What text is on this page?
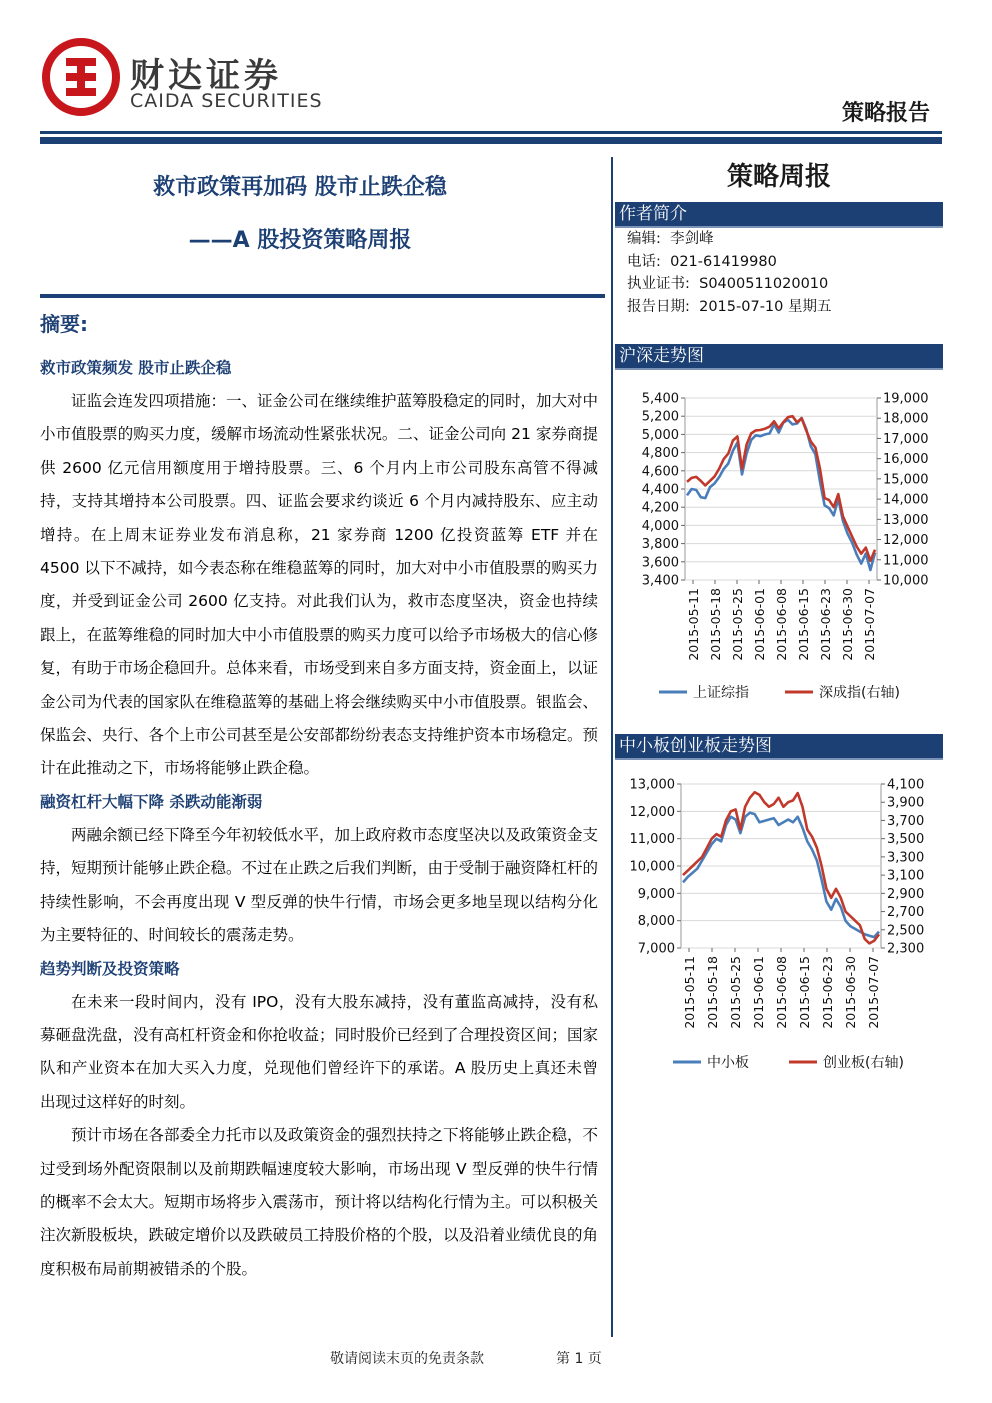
财达证券
CAIDA SECURITIES	策略报告
救市政策再加码 股市止跌企稳
——A 股投资策略周报
摘要:
救市政策频发 股市止跌企稳

证监会连发四项措施：一、证金公司在继续维护蓝筹股稳定的同时，加大对中小市值股票的购买力度，缓解市场流动性紧张状况。二、证金公司向 21 家券商提供 2600 亿元信用额度用于增持股票。三、6 个月内上市公司股东高管不得减持，支持其增持本公司股票。四、证监会要求约谈近 6 个月内减持股东、应主动增持。在上周末证券业发布消息称，21 家券商 1200 亿投资蓝筹 ETF 并在 4500 以下不减持，如今表态称在维稳蓝筹的同时，加大对中小市值股票的购买力度，并受到证金公司 2600 亿支持。对此我们认为，救市态度坚决，资金也持续跟上，在蓝筹维稳的同时加大中小市值股票的购买力度可以给予市场极大的信心修复，有助于市场企稳回升。总体来看，市场受到来自多方面支持，资金面上，以证金公司为代表的国家队在维稳蓝筹的基础上将会继续购买中小市值股票。银监会、保监会、央行、各个上市公司甚至是公安部都纷纷表态支持维护资本市场稳定。预计在此推动之下，市场将能够止跌企稳。

融资杠杆大幅下降 杀跌动能渐弱

两融余额已经下降至今年初较低水平，加上政府救市态度坚决以及政策资金支持，短期预计能够止跌企稳。不过在止跌之后我们判断，由于受制于融资降杠杆的持续性影响，不会再度出现 V 型反弹的快牛行情，市场会更多地呈现以结构分化为主要特征的、时间较长的震荡走势。

趋势判断及投资策略

在未来一段时间内，没有 IPO，没有大股东减持，没有董监高减持，没有私募砸盘洗盘，没有高杠杆资金和你抢收益；同时股价已经到了合理投资区间；国家队和产业资本在加大买入力度，兑现他们曾经许下的承诺。A 股历史上真还未曾出现过这样好的时刻。

预计市场在各部委全力托市以及政策资金的强烈扶持之下将能够止跌企稳，不过受到场外配资限制以及前期跌幅速度较大影响，市场出现 V 型反弹的快牛行情的概率不会太大。短期市场将步入震荡市，预计将以结构化行情为主。可以积极关注次新股板块，跌破定增价以及跌破员工持股价格的个股，以及沿着业绩优良的角度积极布局前期被错杀的个股。

策略周报
作者简介
编辑: 李剑峰
电话: 021-61419980
执业证书: S0400511020010
报告日期: 2015-07-10 星期五
沪深走势图
5,400
5,200
5,000
4,800
4,600
4,400
4,200
4,000
3,800
3,600
3,400
19,000
18,000
17,000
16,000
15,000
14,000
13,000
12,000
11,000
10,000
2015-05-11 2015-05-18 2015-05-25 2015-06-01 2015-06-08 2015-06-15 2015-06-23 2015-06-30 2015-07-07
上证综指	深成指(右轴)
中小板创业板走势图
13,000
12,000
11,000
10,000
9,000
8,000
7,000
4,100
3,900
3,700
3,500
3,300
3,100
2,900
2,700
2,500
2,300
2015-05-11 2015-05-18 2015-05-25 2015-06-01 2015-06-08 2015-06-15 2015-06-23 2015-06-30 2015-07-07
中小板	创业板(右轴)
敬请阅读末页的免责条款	第 1 页
